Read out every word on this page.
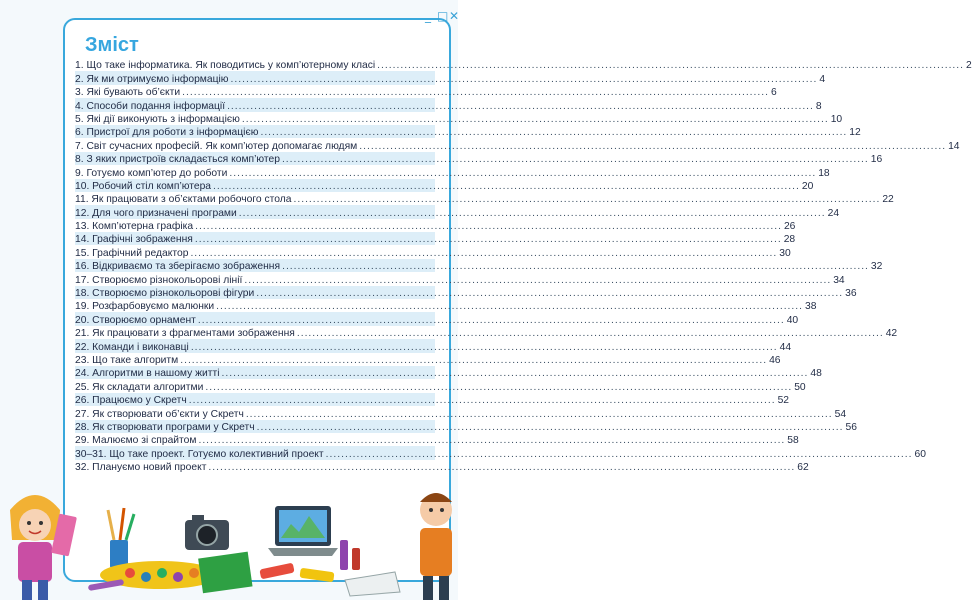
_ □ ✕
Зміст
1. Що таке інформатика. Як поводитись у комп’ютерному класі .....	2
2. Як ми отримуємо інформацію .....	4
3. Які бувають об’єкти .....	6
4. Способи подання інформації .....	8
5. Які дії виконують з інформацією .....	10
6. Пристрої для роботи з інформацією .....	12
7. Світ сучасних професій. Як комп’ютер допомагає людям .....	14
8. З яких пристроїв складається комп’ютер .....	16
9. Готуємо комп’ютер до роботи .....	18
10. Робочий стіл комп’ютера .....	20
11. Як працювати з об’єктами робочого стола .....	22
12. Для чого призначені програми .....	24
13. Комп’ютерна графіка .....	26
14. Графічні зображення .....	28
15. Графічний редактор .....	30
16. Відкриваємо та зберігаємо зображення .....	32
17. Створюємо різнокольорові лінії .....	34
18. Створюємо різнокольорові фігури .....	36
19. Розфарбовуємо малюнки .....	38
20. Створюємо орнамент .....	40
21. Як працювати з фрагментами зображення .....	42
22. Команди і виконавці .....	44
23. Що таке алгоритм .....	46
24. Алгоритми в нашому житті .....	48
25. Як складати алгоритми .....	50
26. Працюємо у Скретч .....	52
27. Як створювати об’єкти у Скретч .....	54
28. Як створювати програми у Скретч .....	56
29. Малюємо зі спрайтом .....	58
30–31. Що таке проект. Готуємо колективний проект .....	60
32. Плануємо новий проект .....	62
